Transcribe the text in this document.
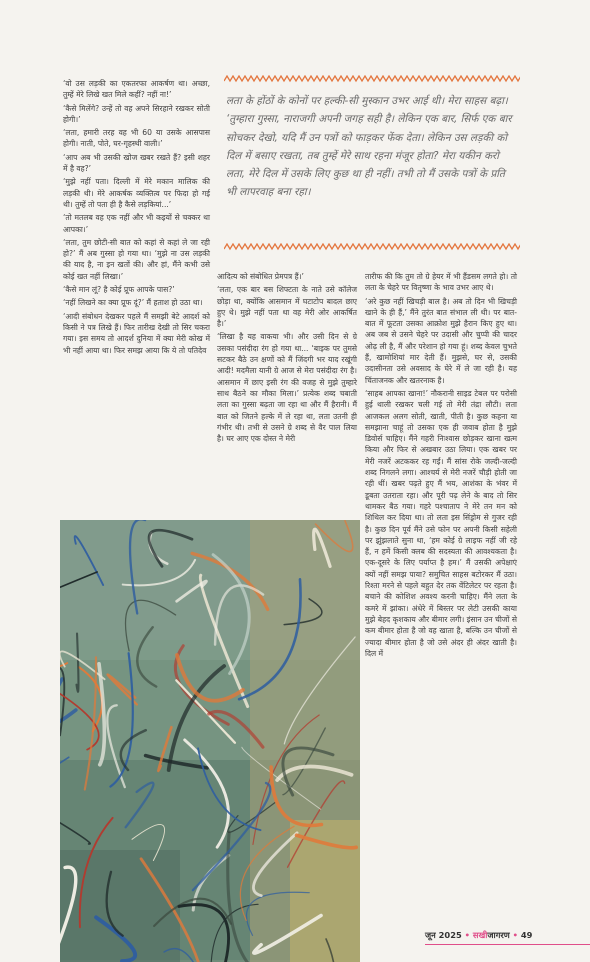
‘वो उस लड़की का एकतरफा आकर्षण था। अच्छा, तुम्हें मेरे लिखे खत मिले कहीं? नहीं ना!’

‘कैसे मिलेंगे? उन्हें तो वह अपने सिरहाने रखकर सोती होगी।’

‘लता, हमारी तरह वह भी 60 या उसके आसपास होगी। नाती, पोते, घर-गृहस्थी वाली।’

‘आप अब भी उसकी खोज खबर रखते हैं? इसी शहर में है वह?’

‘मुझे नहीं पता। दिल्ली में मेरे मकान मालिक की लड़की थी। मेरे आकर्षक व्यक्तित्व पर फिदा हो गई थी। तुम्हें तो पता ही है कैसे लड़कियां...’

‘तो मतलब वह एक नहीं और भी कइयों से चक्कर था आपका।’

‘लता, तुम छोटी-सी बात को कहां से कहां ले जा रही हो?’ मैं अब गुस्सा हो गया था। ‘मुझे ना उस लड़की की याद है, ना इन खतों की। और हां, मैंने कभी उसे कोई खत नहीं लिखा।’

‘कैसे मान लूं? है कोई प्रूफ आपके पास?’

‘नहीं लिखने का क्या प्रूफ दूं?’ मैं हताश हो उठा था।

‘आदी संबोधन देखकर पहले मैं समझी बेटे आदर्श को किसी ने पत्र लिखे हैं। फिर तारीख देखी तो सिर चकरा गया। इस समय तो आदर्श दुनिया में क्या मेरी कोख में भी नहीं आया था। फिर समझ आया कि ये तो पतिदेव

लता के होंठों के कोनों पर हल्की-सी मुस्कान उभर आई थी। मेरा साहस बढ़ा। ‘तुम्हारा गुस्सा, नाराजगी अपनी जगह सही है। लेकिन एक बार, सिर्फ एक बार सोचकर देखो, यदि मैं उन पत्रों को फाड़कर फेंक देता। लेकिन उस लड़की को दिल में बसाए रखता, तब तुम्हें मेरे साथ रहना मंजूर होता? मेरा यकीन करो लता, मेरे दिल में उसके लिए कुछ था ही नहीं। तभी तो मैं उसके पत्रों के प्रति भी लापरवाह बना रहा।

आदित्य को संबोधित प्रेमपत्र हैं।’

‘लता, एक बार बस शिफ्टता के नाते उसे कॉलेज छोड़ा था, क्योंकि आसमान में घटाटोप बादल छाए हुए थे। मुझे नहीं पता था वह मेरी ओर आकर्षित है।’

‘लिखा है यह वाकया भी। और उसी दिन से ग्रे उसका पसंदीदा रंग हो गया था... ‘बाइक पर तुमसे सटकर बैठे उन क्षणों को मैं जिंदगी भर याद रखूंगी आदी! मदमैला यानी ग्रे आज से मेरा पसंदीदा रंग है। आसमान में छाए इसी रंग की वजह से मुझे तुम्हारे साथ बैठने का मौका मिला।’ प्रत्येक शब्द चबाती लता का गुस्सा बढ़ता जा रहा था और मैं हैरानी। मैं बात को जितने हल्के में ले रहा था, लता उतनी ही गंभीर थी। तभी से उसने ग्रे शब्द से वैर पाल लिया है। घर आए एक दोस्त ने मेरी

तारीफ की कि तुम तो ग्रे हेयर में भी हैंडसम लगते हो। तो लता के चेहरे पर वितृष्णा के भाव उभर आए थे।

‘अरे कुछ नहीं खिचड़ी बाल है। अब तो दिन भी खिचड़ी खाने के ही हैं,’ मैंने तुरंत बात संभाल ली थी। पर बात-बात में फूटता उसका आक्रोश मुझे हैरान किए हुए था। अब जब से उसने चेहरे पर उदासी और चुप्पी की चादर ओढ़ ली है, मैं और परेशान हो गया हूं। शब्द केवल चुभते हैं, खामोशियां मार देती हैं। मुझसे, घर से, उसकी उदासीनता उसे अवसाद के घेरे में ले जा रही है। यह चिंताजनक और खतरनाक है।

‘साहब आपका खाना!’ नौकरानी साइड टेबल पर परोसी हुई थाली रखकर चली गई तो मेरी तंद्रा लौटी। लता आजकल अलग सोती, खाती, पीती है। कुछ कहना या समझाना चाहूं तो उसका एक ही जवाब होता है मुझे डिवोर्स चाहिए। मैंने गहरी निःश्वास छोड़कर खाना खत्म किया और फिर से अखबार उठा लिया। एक खबर पर मेरी नजरें अटककर रह गईं। मैं सांस रोके जल्दी-जल्दी शब्द निगलने लगा। आश्चर्य से मेरी नजरें चौड़ी होती जा रही थीं। खबर पढ़ते हुए मैं भय, आशंका के भंवर में डूबता उतराता रहा। और पूरी पढ़ लेने के बाद तो सिर थामकर बैठ गया। गहरे पश्चाताप ने मेरे तन मन को शिथिल कर दिया था। तो लता इस सिंड्रोम से गुजर रही है। कुछ दिन पूर्व मैंने उसे फोन पर अपनी किसी सहेली पर झुंझलाते सुना था, ‘हम कोई ग्रे लाइफ नहीं जी रहे हैं, न हमें किसी क्लब की सदस्यता की आवश्यकता है। एक-दूसरे के लिए पर्याप्त है हम।’ मैं उसकी अपेक्षाएं क्यों नहीं समझ पाया? समुचित साहस बटोरकर मैं उठा। रिश्ता मरने से पहले बहुत देर तक वेंटिलेटर पर रहता है। बचाने की कोशिश अवश्य करनी चाहिए। मैंने लता के कमरे में झांका। अंधेरे में बिस्तर पर लेटी उसकी काया मुझे बेहद कृशकाय और बीमार लगी। इंसान उन चीजों से कम बीमार होता है जो वह खाता है, बल्कि उन चीजों से ज्यादा बीमार होता है जो उसे अंदर ही अंदर खाती है। दिल में

जून 2025 • सखीजागरण • 49
